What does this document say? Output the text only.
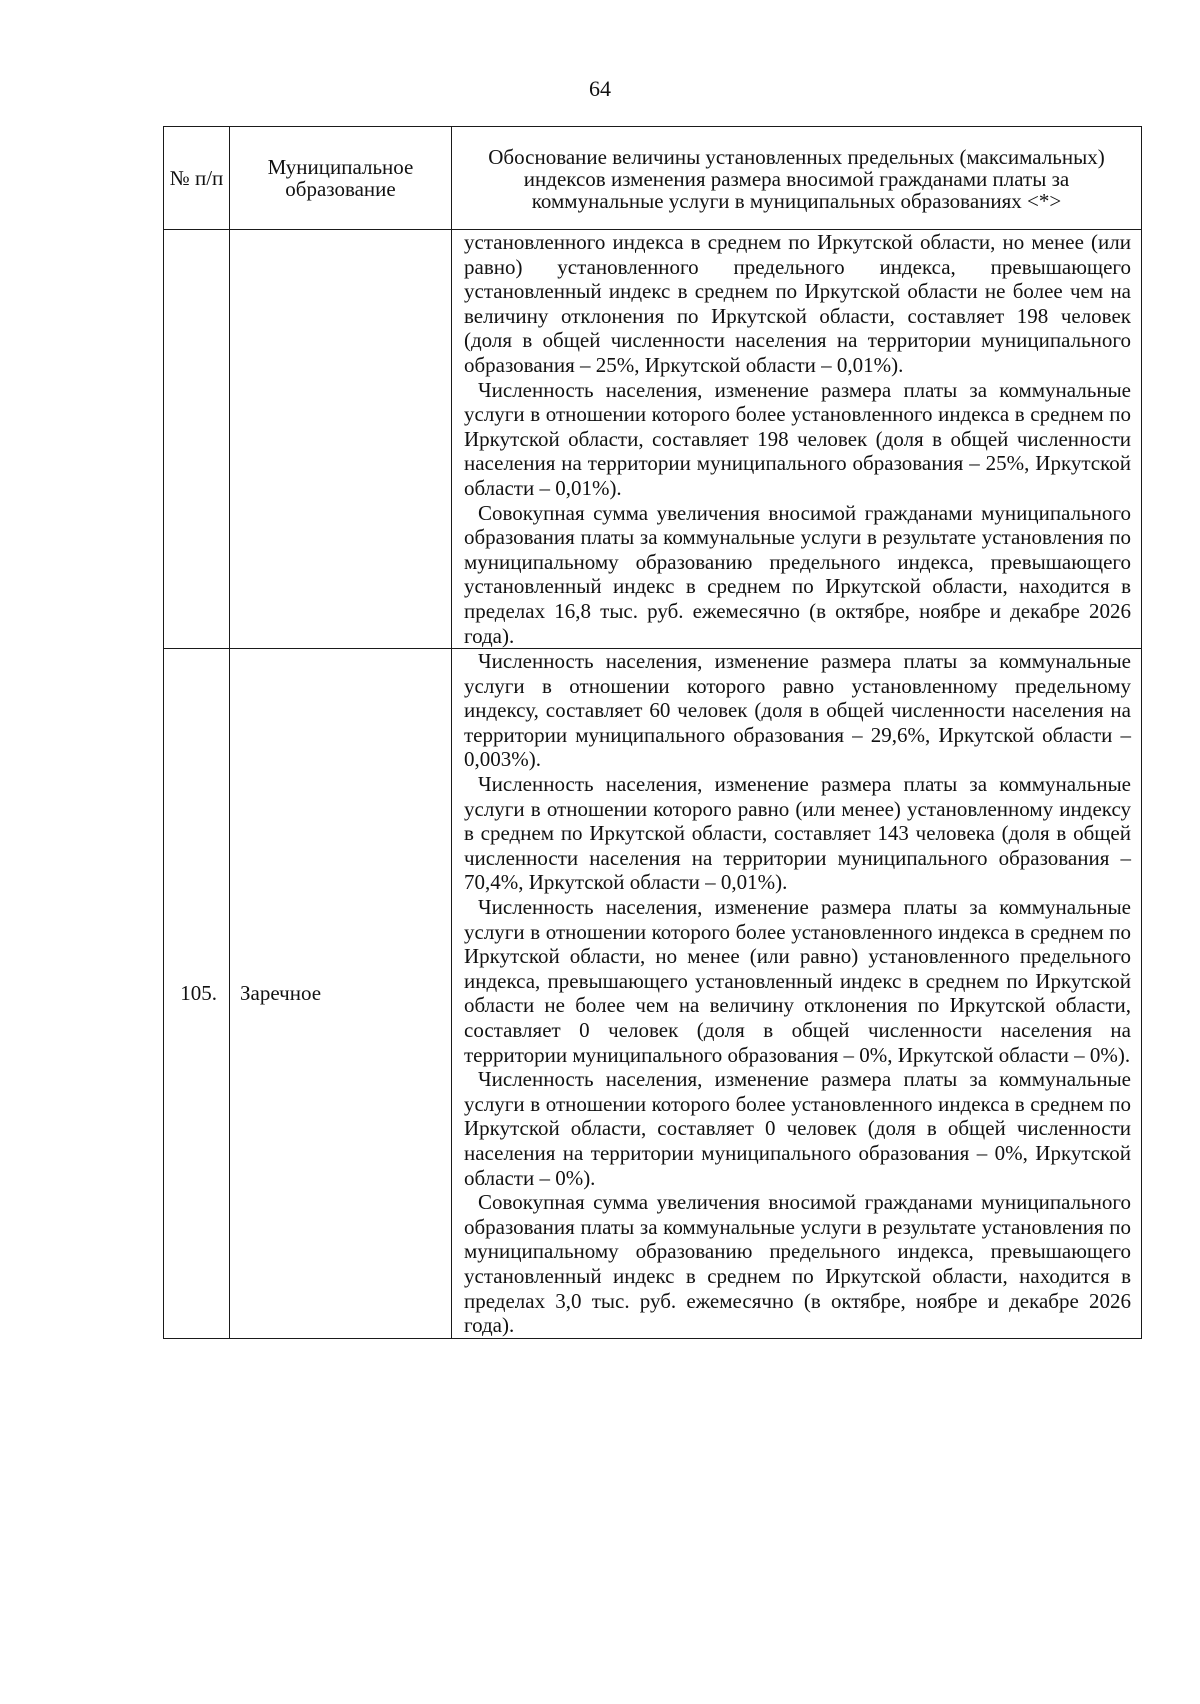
64
№ п/п	Муниципальное образование	Обоснование величины установленных предельных (максимальных) индексов изменения размера вносимой гражданами платы за коммунальные услуги в муниципальных образованиях <*>

		установленного индекса в среднем по Иркутской области, но менее (или равно) установленного предельного индекса, превышающего установленный индекс в среднем по Иркутской области не более чем на величину отклонения по Иркутской области, составляет 198 человек (доля в общей численности населения на территории муниципального образования – 25%, Иркутской области – 0,01%).

Численность населения, изменение размера платы за коммунальные услуги в отношении которого более установленного индекса в среднем по Иркутской области, составляет 198 человек (доля в общей численности населения на территории муниципального образования – 25%, Иркутской области – 0,01%).

Совокупная сумма увеличения вносимой гражданами муниципального образования платы за коммунальные услуги в результате установления по муниципальному образованию предельного индекса, превышающего установленный индекс в среднем по Иркутской области, находится в пределах 16,8 тыс. руб. ежемесячно (в октябре, ноябре и декабре 2026 года).

105.	Заречное	Численность населения, изменение размера платы за коммунальные услуги в отношении которого равно установленному предельному индексу, составляет 60 человек (доля в общей численности населения на территории муниципального образования – 29,6%, Иркутской области – 0,003%).

Численность населения, изменение размера платы за коммунальные услуги в отношении которого равно (или менее) установленному индексу в среднем по Иркутской области, составляет 143 человека (доля в общей численности населения на территории муниципального образования – 70,4%, Иркутской области – 0,01%).

Численность населения, изменение размера платы за коммунальные услуги в отношении которого более установленного индекса в среднем по Иркутской области, но менее (или равно) установленного предельного индекса, превышающего установленный индекс в среднем по Иркутской области не более чем на величину отклонения по Иркутской области, составляет 0 человек (доля в общей численности населения на территории муниципального образования – 0%, Иркутской области – 0%).

Численность населения, изменение размера платы за коммунальные услуги в отношении которого более установленного индекса в среднем по Иркутской области, составляет 0 человек (доля в общей численности населения на территории муниципального образования – 0%, Иркутской области – 0%).

Совокупная сумма увеличения вносимой гражданами муниципального образования платы за коммунальные услуги в результате установления по муниципальному образованию предельного индекса, превышающего установленный индекс в среднем по Иркутской области, находится в пределах 3,0 тыс. руб. ежемесячно (в октябре, ноябре и декабре 2026 года).
